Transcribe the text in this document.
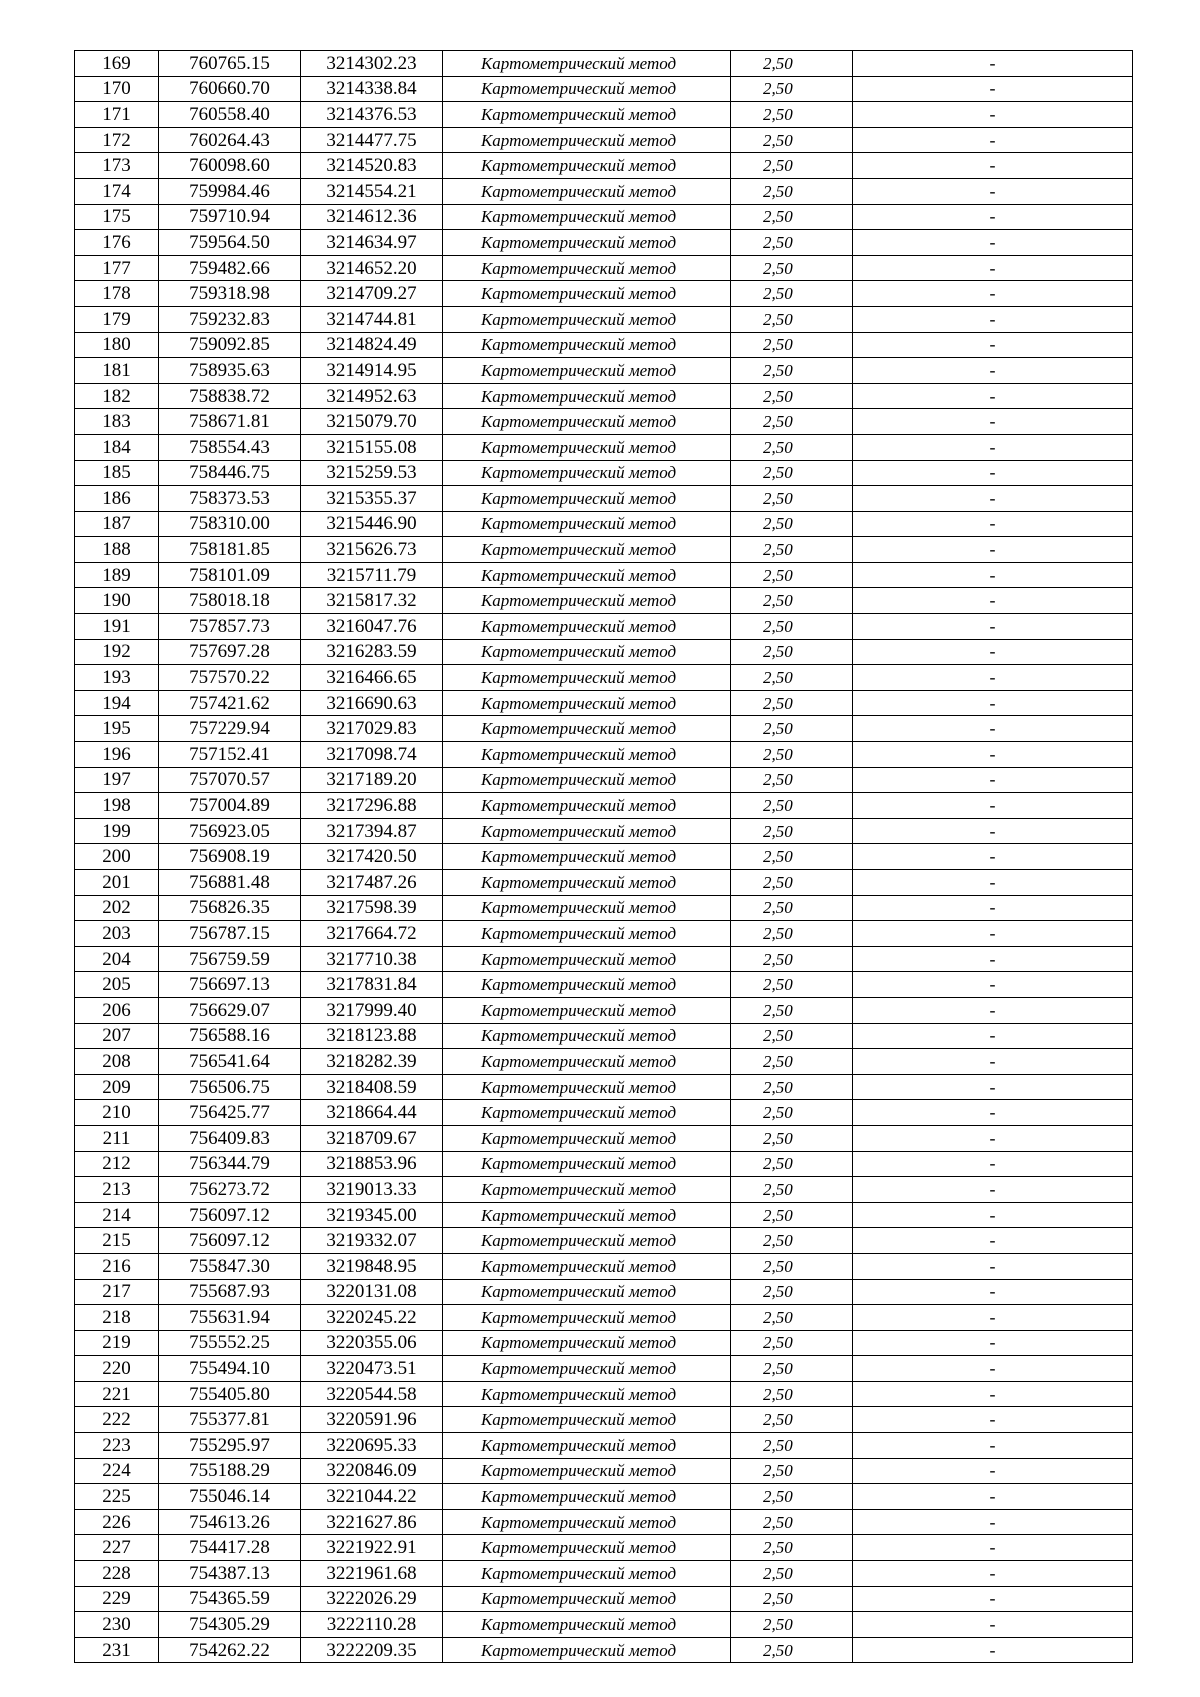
169	760765.15	3214302.23	Картометрический метод	2,50	-
170	760660.70	3214338.84	Картометрический метод	2,50	-
171	760558.40	3214376.53	Картометрический метод	2,50	-
172	760264.43	3214477.75	Картометрический метод	2,50	-
173	760098.60	3214520.83	Картометрический метод	2,50	-
174	759984.46	3214554.21	Картометрический метод	2,50	-
175	759710.94	3214612.36	Картометрический метод	2,50	-
176	759564.50	3214634.97	Картометрический метод	2,50	-
177	759482.66	3214652.20	Картометрический метод	2,50	-
178	759318.98	3214709.27	Картометрический метод	2,50	-
179	759232.83	3214744.81	Картометрический метод	2,50	-
180	759092.85	3214824.49	Картометрический метод	2,50	-
181	758935.63	3214914.95	Картометрический метод	2,50	-
182	758838.72	3214952.63	Картометрический метод	2,50	-
183	758671.81	3215079.70	Картометрический метод	2,50	-
184	758554.43	3215155.08	Картометрический метод	2,50	-
185	758446.75	3215259.53	Картометрический метод	2,50	-
186	758373.53	3215355.37	Картометрический метод	2,50	-
187	758310.00	3215446.90	Картометрический метод	2,50	-
188	758181.85	3215626.73	Картометрический метод	2,50	-
189	758101.09	3215711.79	Картометрический метод	2,50	-
190	758018.18	3215817.32	Картометрический метод	2,50	-
191	757857.73	3216047.76	Картометрический метод	2,50	-
192	757697.28	3216283.59	Картометрический метод	2,50	-
193	757570.22	3216466.65	Картометрический метод	2,50	-
194	757421.62	3216690.63	Картометрический метод	2,50	-
195	757229.94	3217029.83	Картометрический метод	2,50	-
196	757152.41	3217098.74	Картометрический метод	2,50	-
197	757070.57	3217189.20	Картометрический метод	2,50	-
198	757004.89	3217296.88	Картометрический метод	2,50	-
199	756923.05	3217394.87	Картометрический метод	2,50	-
200	756908.19	3217420.50	Картометрический метод	2,50	-
201	756881.48	3217487.26	Картометрический метод	2,50	-
202	756826.35	3217598.39	Картометрический метод	2,50	-
203	756787.15	3217664.72	Картометрический метод	2,50	-
204	756759.59	3217710.38	Картометрический метод	2,50	-
205	756697.13	3217831.84	Картометрический метод	2,50	-
206	756629.07	3217999.40	Картометрический метод	2,50	-
207	756588.16	3218123.88	Картометрический метод	2,50	-
208	756541.64	3218282.39	Картометрический метод	2,50	-
209	756506.75	3218408.59	Картометрический метод	2,50	-
210	756425.77	3218664.44	Картометрический метод	2,50	-
211	756409.83	3218709.67	Картометрический метод	2,50	-
212	756344.79	3218853.96	Картометрический метод	2,50	-
213	756273.72	3219013.33	Картометрический метод	2,50	-
214	756097.12	3219345.00	Картометрический метод	2,50	-
215	756097.12	3219332.07	Картометрический метод	2,50	-
216	755847.30	3219848.95	Картометрический метод	2,50	-
217	755687.93	3220131.08	Картометрический метод	2,50	-
218	755631.94	3220245.22	Картометрический метод	2,50	-
219	755552.25	3220355.06	Картометрический метод	2,50	-
220	755494.10	3220473.51	Картометрический метод	2,50	-
221	755405.80	3220544.58	Картометрический метод	2,50	-
222	755377.81	3220591.96	Картометрический метод	2,50	-
223	755295.97	3220695.33	Картометрический метод	2,50	-
224	755188.29	3220846.09	Картометрический метод	2,50	-
225	755046.14	3221044.22	Картометрический метод	2,50	-
226	754613.26	3221627.86	Картометрический метод	2,50	-
227	754417.28	3221922.91	Картометрический метод	2,50	-
228	754387.13	3221961.68	Картометрический метод	2,50	-
229	754365.59	3222026.29	Картометрический метод	2,50	-
230	754305.29	3222110.28	Картометрический метод	2,50	-
231	754262.22	3222209.35	Картометрический метод	2,50	-
